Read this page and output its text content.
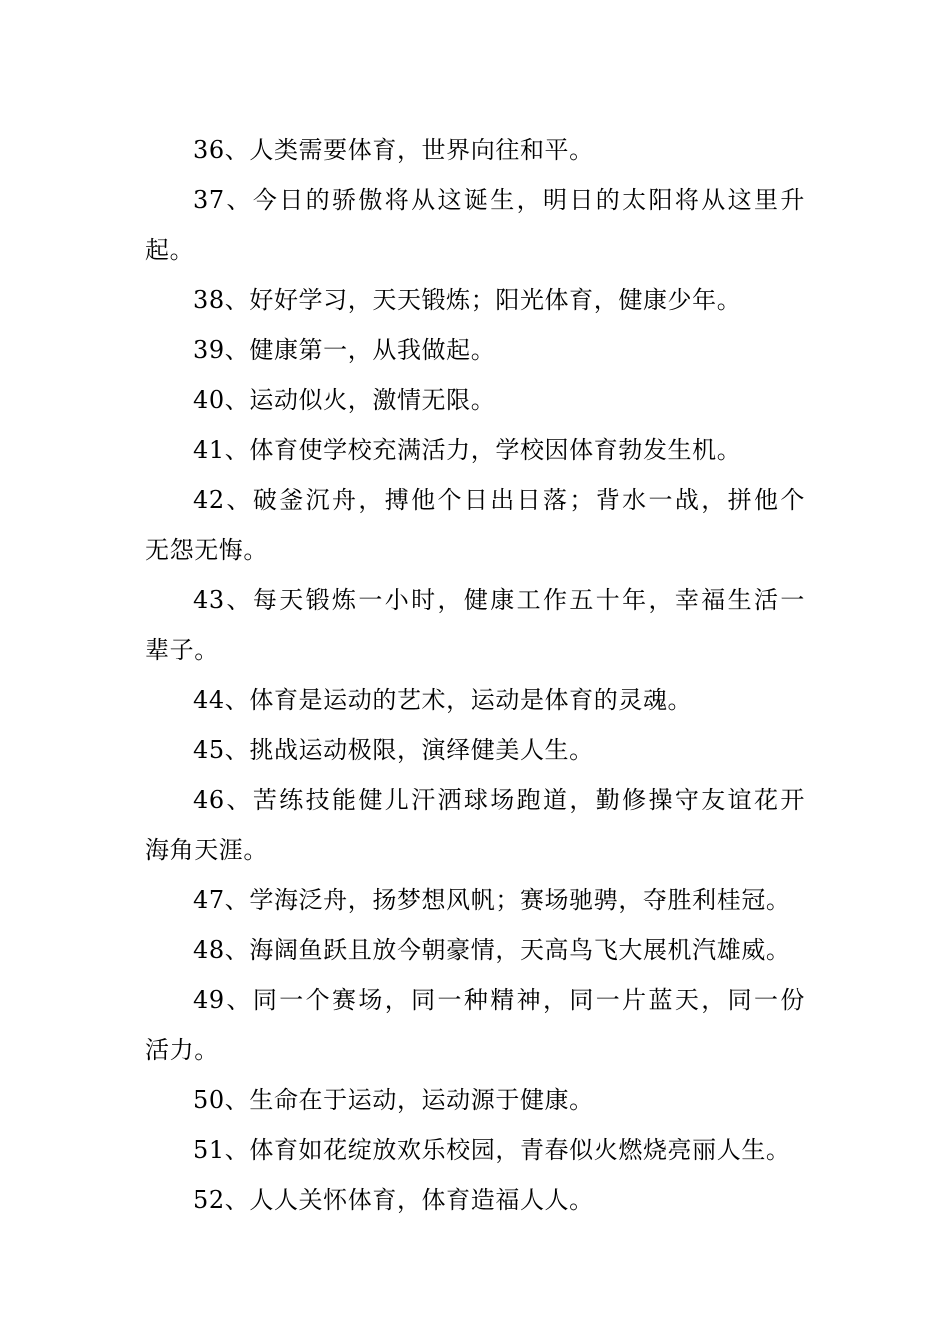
36、人类需要体育，世界向往和平。
37、今日的骄傲将从这诞生，明日的太阳将从这里升
起。
38、好好学习，天天锻炼；阳光体育，健康少年。
39、健康第一，从我做起。
40、运动似火，激情无限。
41、体育使学校充满活力，学校因体育勃发生机。
42、破釜沉舟，搏他个日出日落；背水一战，拼他个
无怨无悔。
43、每天锻炼一小时，健康工作五十年，幸福生活一
辈子。
44、体育是运动的艺术，运动是体育的灵魂。
45、挑战运动极限，演绎健美人生。
46、苦练技能健儿汗洒球场跑道，勤修操守友谊花开
海角天涯。
47、学海泛舟，扬梦想风帆；赛场驰骋，夺胜利桂冠。
48、海阔鱼跃且放今朝豪情，天高鸟飞大展机汽雄威。
49、同一个赛场，同一种精神，同一片蓝天，同一份
活力。
50、生命在于运动，运动源于健康。
51、体育如花绽放欢乐校园，青春似火燃烧亮丽人生。
52、人人关怀体育，体育造福人人。
